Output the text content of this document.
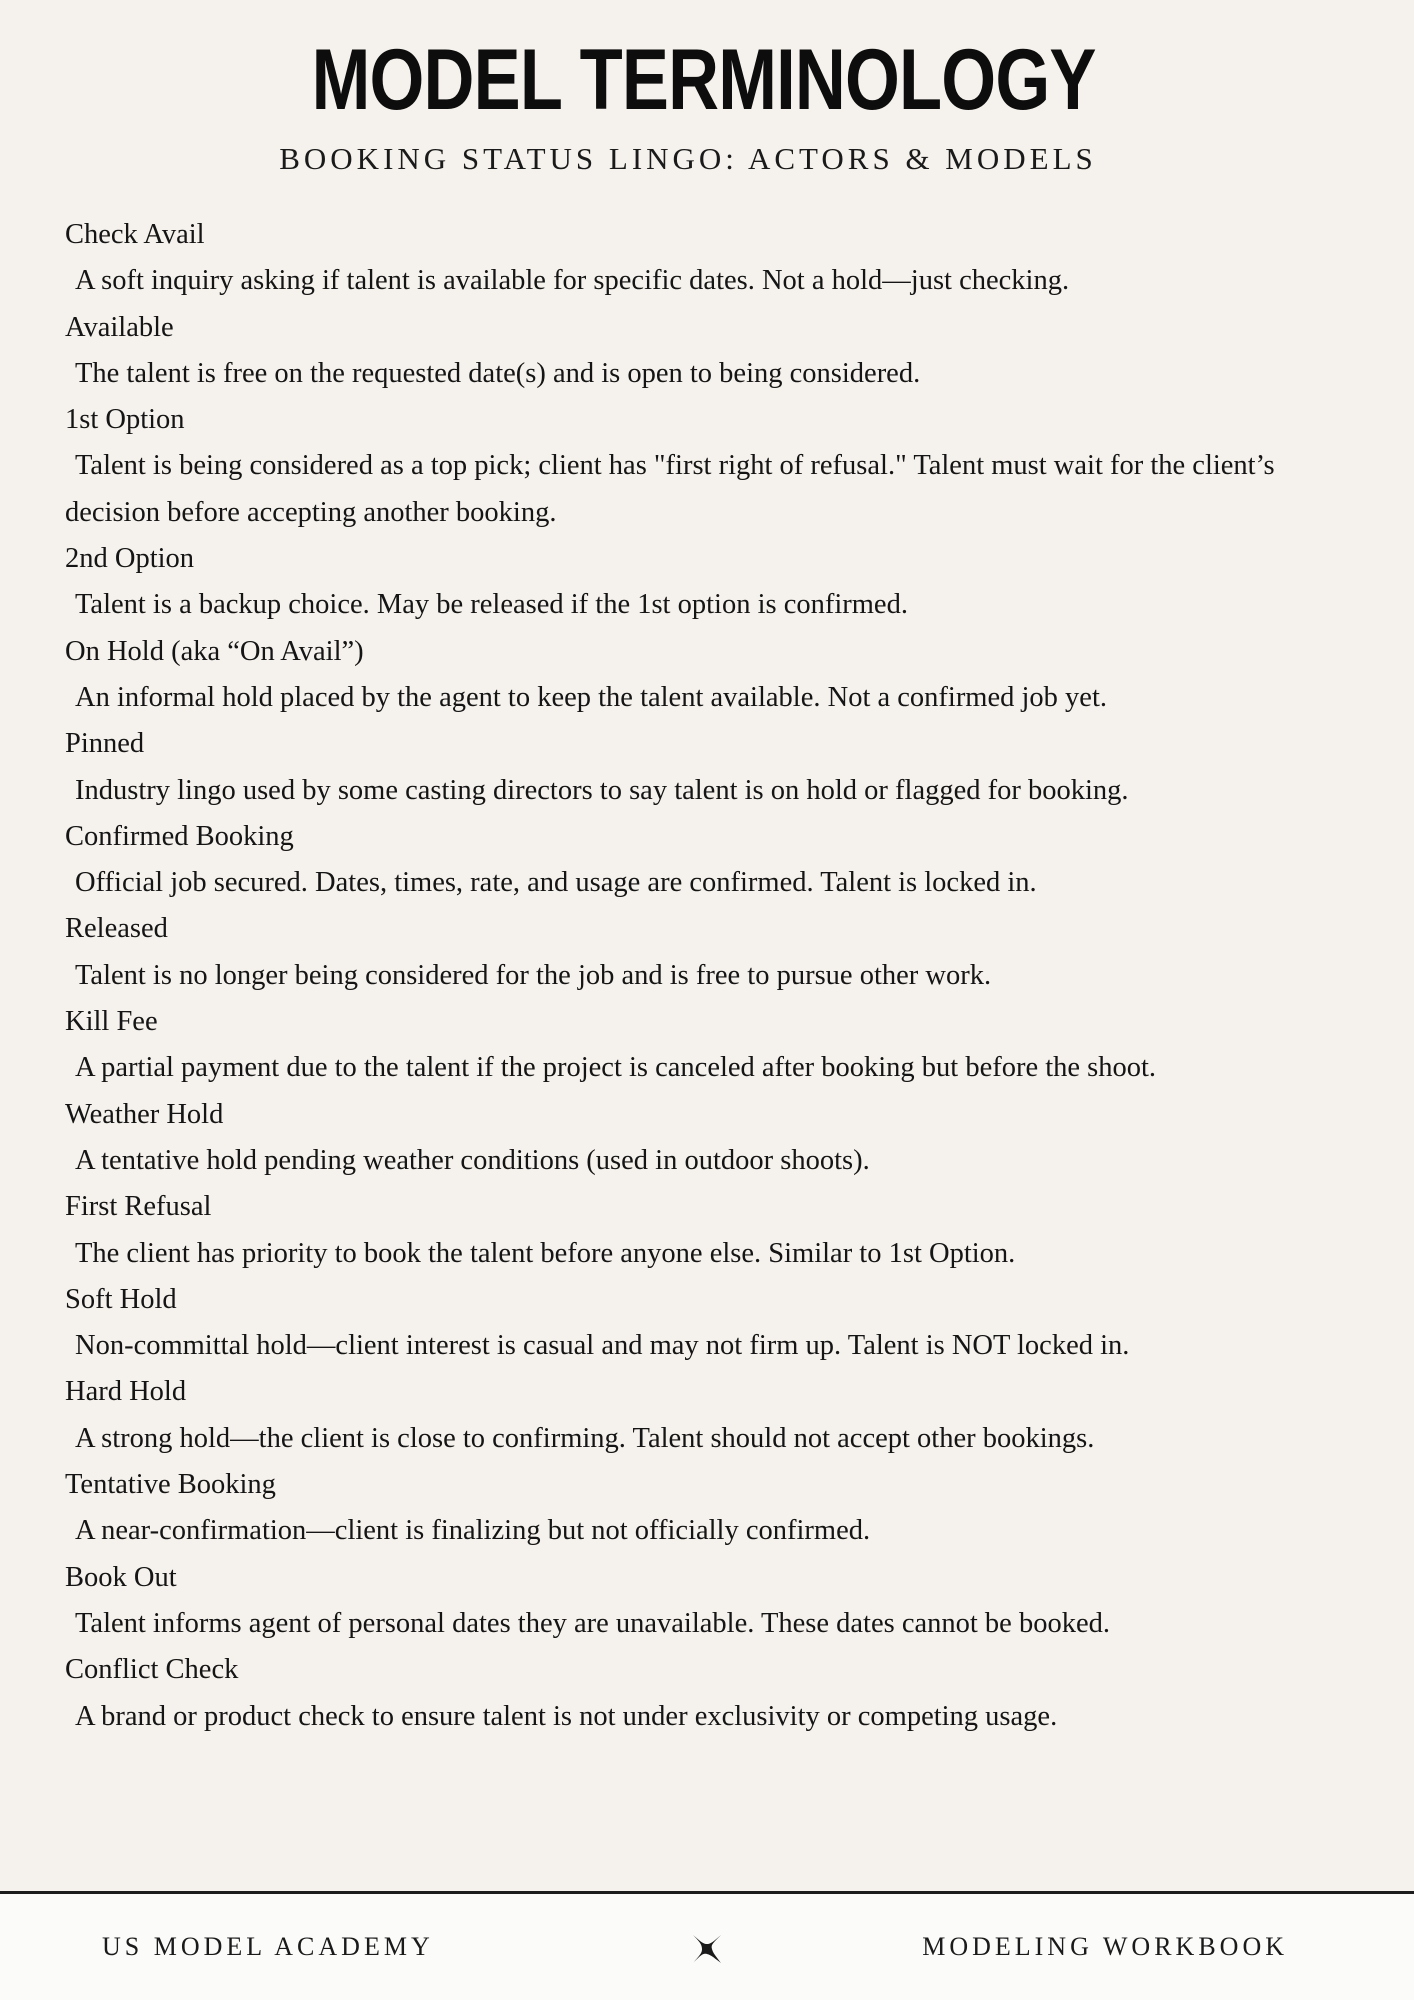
MODEL TERMINOLOGY
BOOKING STATUS LINGO: ACTORS & MODELS

Check Avail

A soft inquiry asking if talent is available for specific dates. Not a hold—just checking.

Available

The talent is free on the requested date(s) and is open to being considered.

1st Option

Talent is being considered as a top pick; client has "first right of refusal." Talent must wait for the client’s decision before accepting another booking.

2nd Option

Talent is a backup choice. May be released if the 1st option is confirmed.

On Hold (aka “On Avail”)

An informal hold placed by the agent to keep the talent available. Not a confirmed job yet.

Pinned

Industry lingo used by some casting directors to say talent is on hold or flagged for booking.

Confirmed Booking

Official job secured. Dates, times, rate, and usage are confirmed. Talent is locked in.

Released

Talent is no longer being considered for the job and is free to pursue other work.

Kill Fee

A partial payment due to the talent if the project is canceled after booking but before the shoot.

Weather Hold

A tentative hold pending weather conditions (used in outdoor shoots).

First Refusal

The client has priority to book the talent before anyone else. Similar to 1st Option.

Soft Hold

Non-committal hold—client interest is casual and may not firm up. Talent is NOT locked in.

Hard Hold

A strong hold—the client is close to confirming. Talent should not accept other bookings.

Tentative Booking

A near-confirmation—client is finalizing but not officially confirmed.

Book Out

Talent informs agent of personal dates they are unavailable. These dates cannot be booked.

Conflict Check

A brand or product check to ensure talent is not under exclusivity or competing usage.

US MODEL ACADEMY	MODELING WORKBOOK
